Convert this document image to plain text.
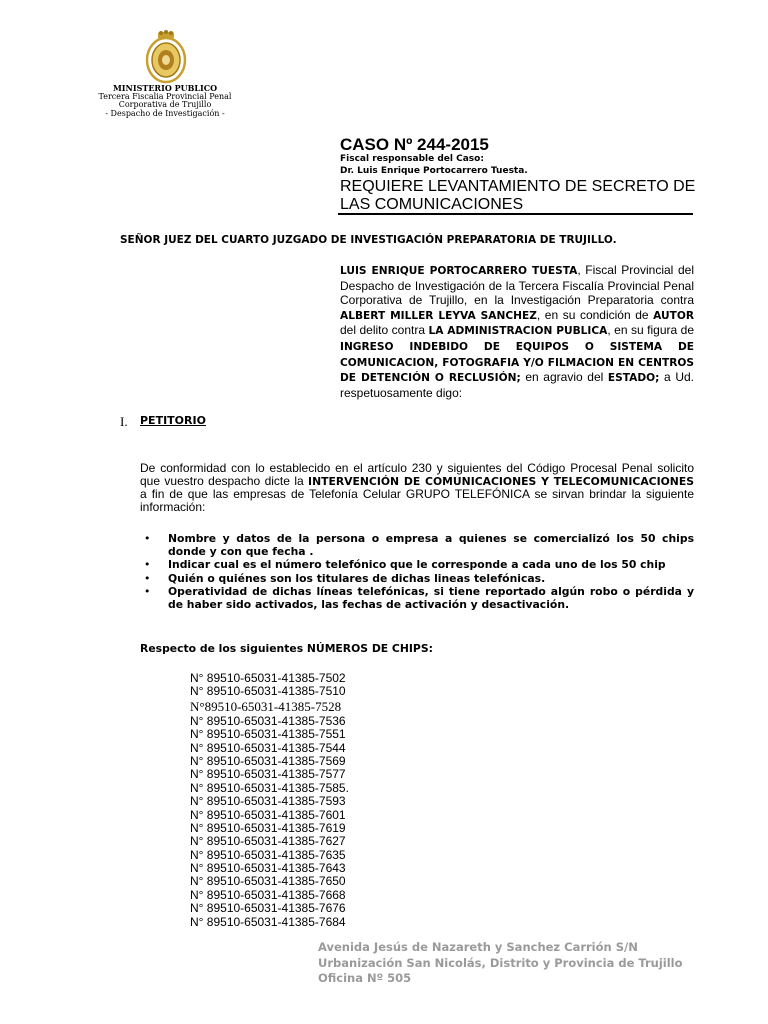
MINISTERIO PUBLICO
Tercera Fiscalia Provincial Penal
Corporativa de Trujillo
- Despacho de Investigación -
CASO Nº 244-2015
Fiscal responsable del Caso:
Dr. Luis Enrique Portocarrero Tuesta.
REQUIERE LEVANTAMIENTO DE SECRETO DE
LAS COMUNICACIONES
SEÑOR JUEZ DEL CUARTO JUZGADO DE INVESTIGACIÓN PREPARATORIA DE TRUJILLO.
LUIS ENRIQUE PORTOCARRERO TUESTA, Fiscal Provincial del Despacho de Investigación de la Tercera Fiscalía Provincial Penal Corporativa de Trujillo, en la Investigación Preparatoria contra ALBERT MILLER LEYVA SANCHEZ, en su condición de AUTOR del delito contra LA ADMINISTRACION PUBLICA, en su figura de INGRESO INDEBIDO DE EQUIPOS O SISTEMA DE COMUNICACION, FOTOGRAFIA Y/O FILMACION EN CENTROS DE DETENCIÓN O RECLUSIÓN; en agravio del ESTADO; a Ud. respetuosamente digo:
I. PETITORIO
De conformidad con lo establecido en el artículo 230 y siguientes del Código Procesal Penal solicito que vuestro despacho dicte la INTERVENCIÓN DE COMUNICACIONES Y TELECOMUNICACIONES a fin de que las empresas de Telefonía Celular GRUPO TELEFÓNICA se sirvan brindar la siguiente información:
• Nombre y datos de la persona o empresa a quienes se comercializó los 50 chips donde y con que fecha .
• Indicar cual es el número telefónico que le corresponde a cada uno de los 50 chip
• Quién o quiénes son los titulares de dichas lineas telefónicas.
• Operatividad de dichas líneas telefónicas, si tiene reportado algún robo o pérdida y de haber sido activados, las fechas de activación y desactivación.
Respecto de los siguientes NÚMEROS DE CHIPS:
N° 89510-65031-41385-7502
N° 89510-65031-41385-7510
N°89510-65031-41385-7528
N° 89510-65031-41385-7536
N° 89510-65031-41385-7551
N° 89510-65031-41385-7544
N° 89510-65031-41385-7569
N° 89510-65031-41385-7577
N° 89510-65031-41385-7585.
N° 89510-65031-41385-7593
N° 89510-65031-41385-7601
N° 89510-65031-41385-7619
N° 89510-65031-41385-7627
N° 89510-65031-41385-7635
N° 89510-65031-41385-7643
N° 89510-65031-41385-7650
N° 89510-65031-41385-7668
N° 89510-65031-41385-7676
N° 89510-65031-41385-7684
Avenida Jesús de Nazareth y Sanchez Carrión S/N
Urbanización San Nicolás, Distrito y Provincia de Trujillo
Oficina Nº 505
